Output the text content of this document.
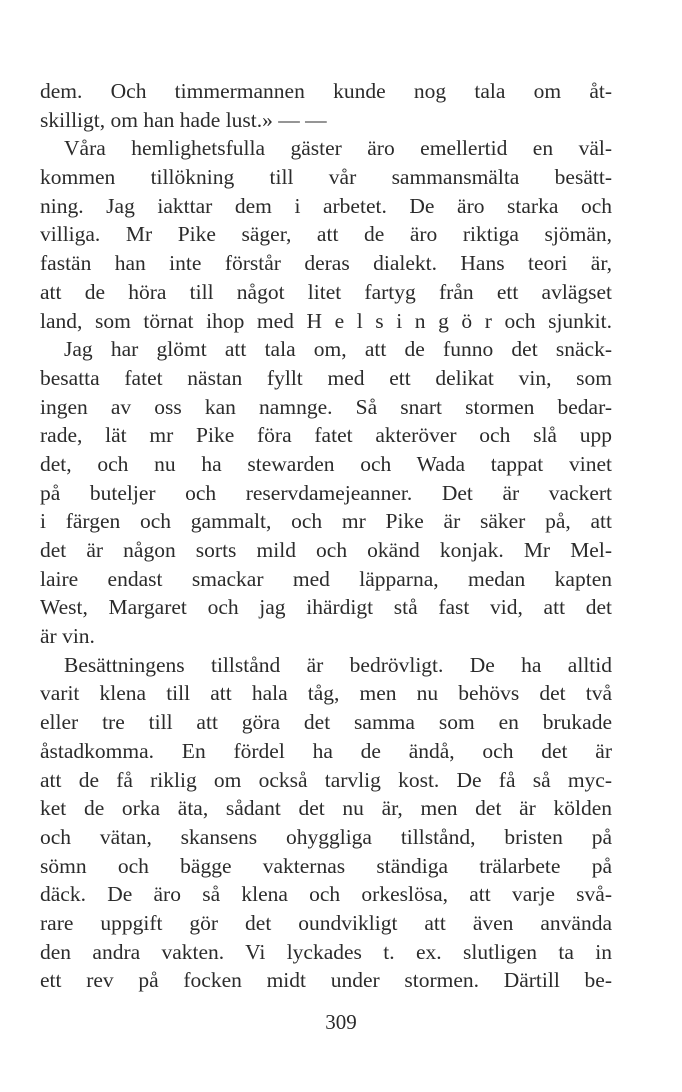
dem. Och timmermannen kunde nog tala om åt-
skilligt, om han hade lust.» — —
Våra hemlighetsfulla gäster äro emellertid en väl-
kommen tillökning till vår sammansmälta besätt-
ning. Jag iakttar dem i arbetet. De äro starka och
villiga. Mr Pike säger, att de äro riktiga sjömän,
fastän han inte förstår deras dialekt. Hans teori är,
att de höra till något litet fartyg från ett avlägset
land, som törnat ihop med H e l s i n g ö r och sjunkit.
Jag har glömt att tala om, att de funno det snäck-
besatta fatet nästan fyllt med ett delikat vin, som
ingen av oss kan namnge. Så snart stormen bedar-
rade, lät mr Pike föra fatet akteröver och slå upp
det, och nu ha stewarden och Wada tappat vinet
på buteljer och reservdamejeanner. Det är vackert
i färgen och gammalt, och mr Pike är säker på, att
det är någon sorts mild och okänd konjak. Mr Mel-
laire endast smackar med läpparna, medan kapten
West, Margaret och jag ihärdigt stå fast vid, att det
är vin.
Besättningens tillstånd är bedrövligt. De ha alltid
varit klena till att hala tåg, men nu behövs det två
eller tre till att göra det samma som en brukade
åstadkomma. En fördel ha de ändå, och det är
att de få riklig om också tarvlig kost. De få så myc-
ket de orka äta, sådant det nu är, men det är kölden
och vätan, skansens ohyggliga tillstånd, bristen på
sömn och bägge vakternas ständiga trälarbete på
däck. De äro så klena och orkeslösa, att varje svå-
rare uppgift gör det oundvikligt att även använda
den andra vakten. Vi lyckades t. ex. slutligen ta in
ett rev på focken midt under stormen. Därtill be-
309
